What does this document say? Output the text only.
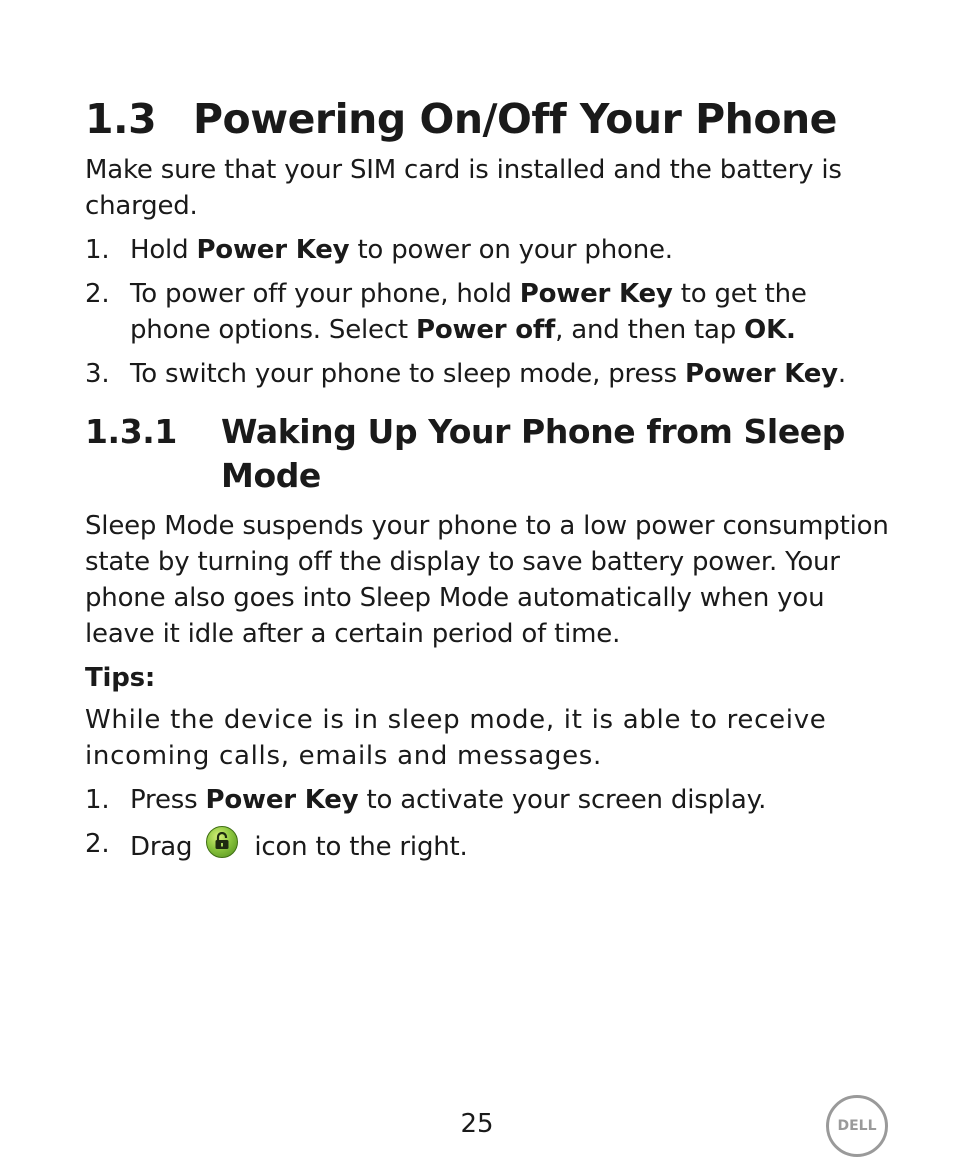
1.3 Powering On/Off Your Phone

Make sure that your SIM card is installed and the battery is charged.

1. Hold Power Key to power on your phone.
2. To power off your phone, hold Power Key to get the phone options. Select Power off, and then tap OK.
3. To switch your phone to sleep mode, press Power Key.
1.3.1	Waking Up Your Phone from Sleep Mode

Sleep Mode suspends your phone to a low power consumption state by turning off the display to save battery power. Your phone also goes into Sleep Mode automatically when you leave it idle after a certain period of time.

Tips:

While the device is in sleep mode, it is able to receive incoming calls, emails and messages.

1. Press Power Key to activate your screen display.
2. Drag icon to the right.
25	DELL
